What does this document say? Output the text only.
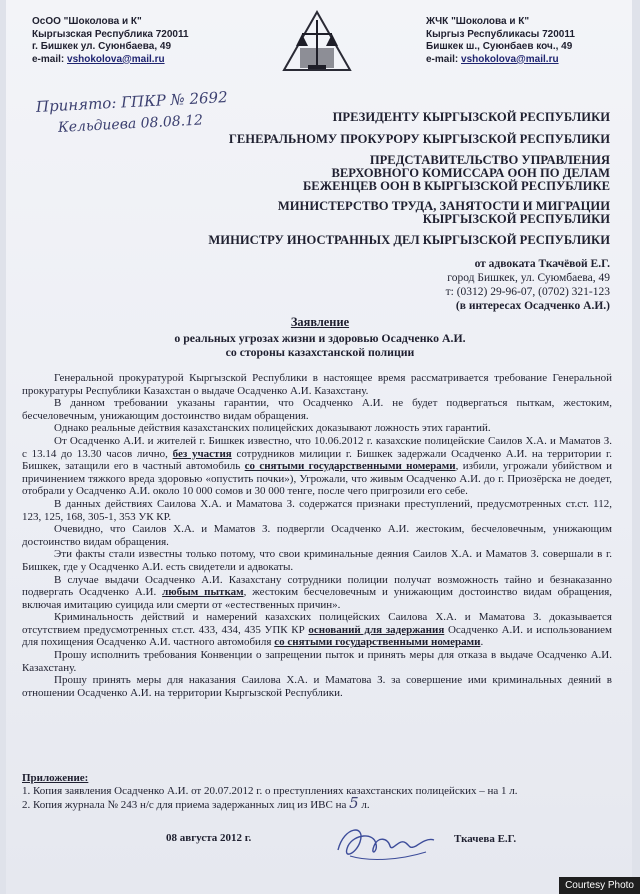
ОсОО "Шоколова и К"
Кыргызская Республика 720011
г. Бишкек ул. Суюнбаева, 49
e-mail: vshokolova@mail.ru
ЖЧК "Шоколова и К"
Кыргыз Республикасы 720011
Бишкек ш., Суюнбаев коч., 49
e-mail: vshokolova@mail.ru
Принято: ГПКР № 2692
Кельдиева 08.08.12	ПРЕЗИДЕНТУ КЫРГЫЗСКОЙ РЕСПУБЛИКИ
ГЕНЕРАЛЬНОМУ ПРОКУРОРУ КЫРГЫЗСКОЙ РЕСПУБЛИКИ
ПРЕДСТАВИТЕЛЬСТВО УПРАВЛЕНИЯ
ВЕРХОВНОГО КОМИССАРА ООН ПО ДЕЛАМ
БЕЖЕНЦЕВ ООН В КЫРГЫЗСКОЙ РЕСПУБЛИКЕ
МИНИСТЕРСТВО ТРУДА, ЗАНЯТОСТИ И МИГРАЦИИ
КЫРГЫЗСКОЙ РЕСПУБЛИКИ
МИНИСТРУ ИНОСТРАННЫХ ДЕЛ КЫРГЫЗСКОЙ РЕСПУБЛИКИ
от адвоката Ткачёвой Е.Г.
город Бишкек, ул. Суюмбаева, 49
т: (0312) 29-96-07, (0702) 321-123
(в интересах Осадченко А.И.)
Заявление
о реальных угрозах жизни и здоровью Осадченко А.И.
со стороны казахстанской полиции

Генеральной прокуратурой Кыргызской Республики в настоящее время рассматривается требование Генеральной прокуратуры Республики Казахстан о выдаче Осадченко А.И. Казахстану.

В данном требовании указаны гарантии, что Осадченко А.И. не будет подвергаться пыткам, жестоким, бесчеловечным, унижающим достоинство видам обращения.

Однако реальные действия казахстанских полицейских доказывают ложность этих гарантий.

От Осадченко А.И. и жителей г. Бишкек известно, что 10.06.2012 г. казахские полицейские Саилов Х.А. и Маматов З. с 13.14 до 13.30 часов лично, без участия сотрудников милиции г. Бишкек задержали Осадченко А.И. на территории г. Бишкек, затащили его в частный автомобиль со снятыми государственными номерами, избили, угрожали убийством и причинением тяжкого вреда здоровью «опустить почки»), Угрожали, что живым Осадченко А.И. до г. Приозёрска не доедет, отобрали у Осадченко А.И. около 10 000 сомов и 30 000 тенге, после чего пригрозили его себе.

В данных действиях Саилова Х.А. и Маматова З. содержатся признаки преступлений, предусмотренных ст.ст. 112, 123, 125, 168, 305-1, 353 УК КР.

Очевидно, что Саилов Х.А. и Маматов З. подвергли Осадченко А.И. жестоким, бесчеловечным, унижающим достоинство видам обращения.

Эти факты стали известны только потому, что свои криминальные деяния Саилов Х.А. и Маматов З. совершали в г. Бишкек, где у Осадченко А.И. есть свидетели и адвокаты.

В случае выдачи Осадченко А.И. Казахстану сотрудники полиции получат возможность тайно и безнаказанно подвергать Осадченко А.И. любым пыткам, жестоким бесчеловечным и унижающим достоинство видам обращения, включая имитацию суицида или смерти от «естественных причин».

Криминальность действий и намерений казахских полицейских Саилова Х.А. и Маматова З. доказывается отсутствием предусмотренных ст.ст. 433, 434, 435 УПК КР оснований для задержания Осадченко А.И. и использованием для похищения Осадченко А.И. частного автомобиля со снятыми государственными номерами.

Прошу исполнить требования Конвенции о запрещении пыток и принять меры для отказа в выдаче Осадченко А.И. Казахстану.

Прошу принять меры для наказания Саилова Х.А. и Маматова З. за совершение ими криминальных деяний в отношении Осадченко А.И. на территории Кыргызской Республики.

Приложение:
1. Копия заявления Осадченко А.И. от 20.07.2012 г. о преступлениях казахстанских полицейских – на 1 л.
2. Копия журнала № 243 н/с для приема задержанных лиц из ИВС на 5 л.
08 августа 2012 г.	Ткачева Е.Г.
Courtesy Photo
